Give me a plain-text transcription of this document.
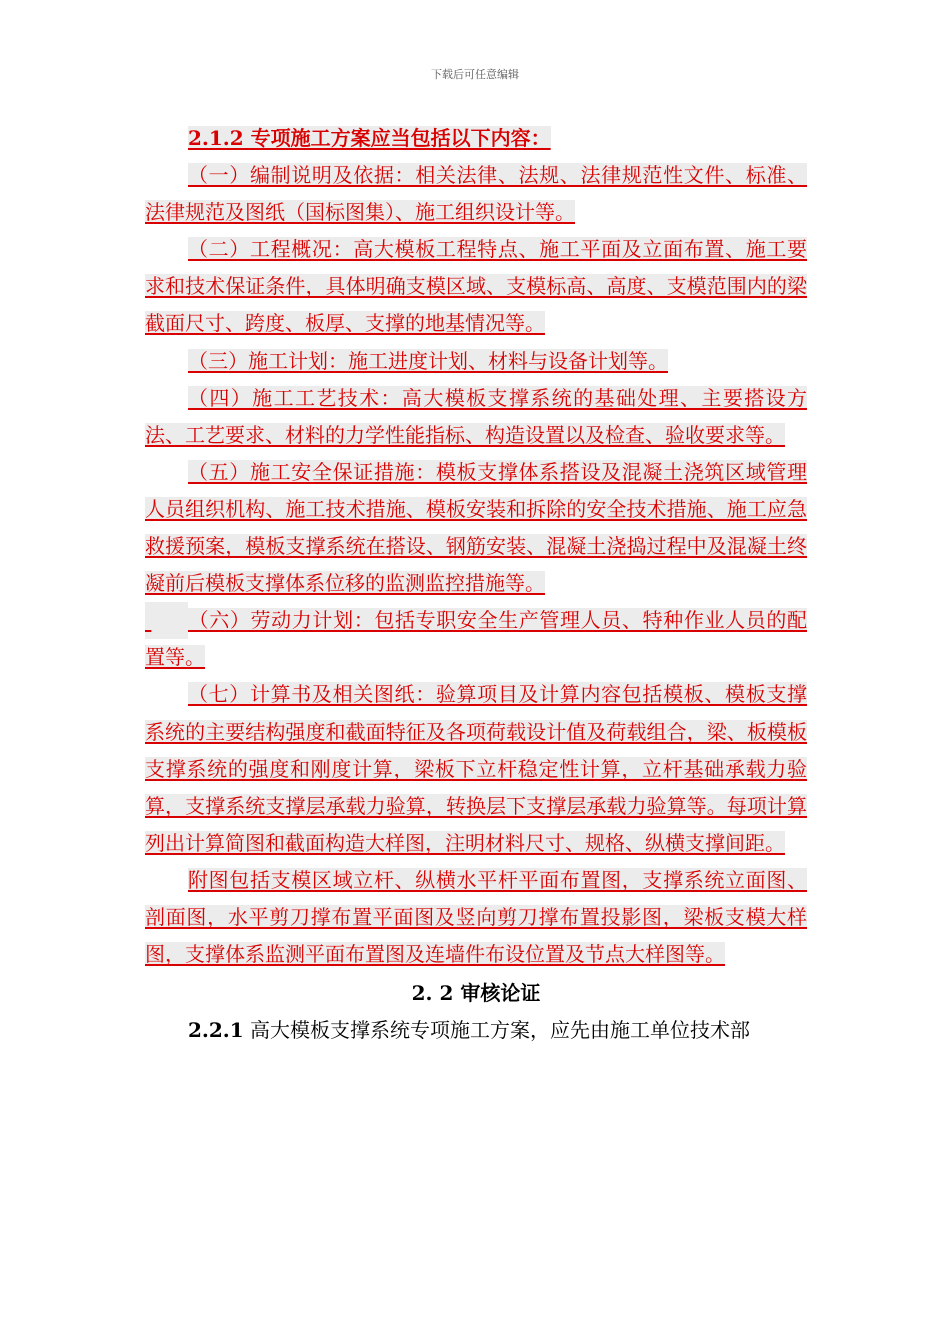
下载后可任意编辑

2.1.2 专项施工方案应当包括以下内容：

（一）编制说明及依据：相关法律、法规、法律规范性文件、标准、法律规范及图纸（国标图集）、施工组织设计等。

（二）工程概况：高大模板工程特点、施工平面及立面布置、施工要求和技术保证条件，具体明确支模区域、支模标高、高度、支模范围内的梁截面尺寸、跨度、板厚、支撑的地基情况等。

（三）施工计划：施工进度计划、材料与设备计划等。

（四）施工工艺技术：高大模板支撑系统的基础处理、主要搭设方法、工艺要求、材料的力学性能指标、构造设置以及检查、验收要求等。

（五）施工安全保证措施：模板支撑体系搭设及混凝土浇筑区域管理人员组织机构、施工技术措施、模板安装和拆除的安全技术措施、施工应急救援预案，模板支撑系统在搭设、钢筋安装、混凝土浇捣过程中及混凝土终凝前后模板支撑体系位移的监测监控措施等。

（六）劳动力计划：包括专职安全生产管理人员、特种作业人员的配置等。

（七）计算书及相关图纸：验算项目及计算内容包括模板、模板支撑系统的主要结构强度和截面特征及各项荷载设计值及荷载组合，梁、板模板支撑系统的强度和刚度计算，梁板下立杆稳定性计算，立杆基础承载力验算，支撑系统支撑层承载力验算，转换层下支撑层承载力验算等。每项计算列出计算简图和截面构造大样图，注明材料尺寸、规格、纵横支撑间距。

附图包括支模区域立杆、纵横水平杆平面布置图，支撑系统立面图、剖面图，水平剪刀撑布置平面图及竖向剪刀撑布置投影图，梁板支模大样图，支撑体系监测平面布置图及连墙件布设位置及节点大样图等。

2. 2 审核论证

2.2.1 高大模板支撑系统专项施工方案，应先由施工单位技术部
